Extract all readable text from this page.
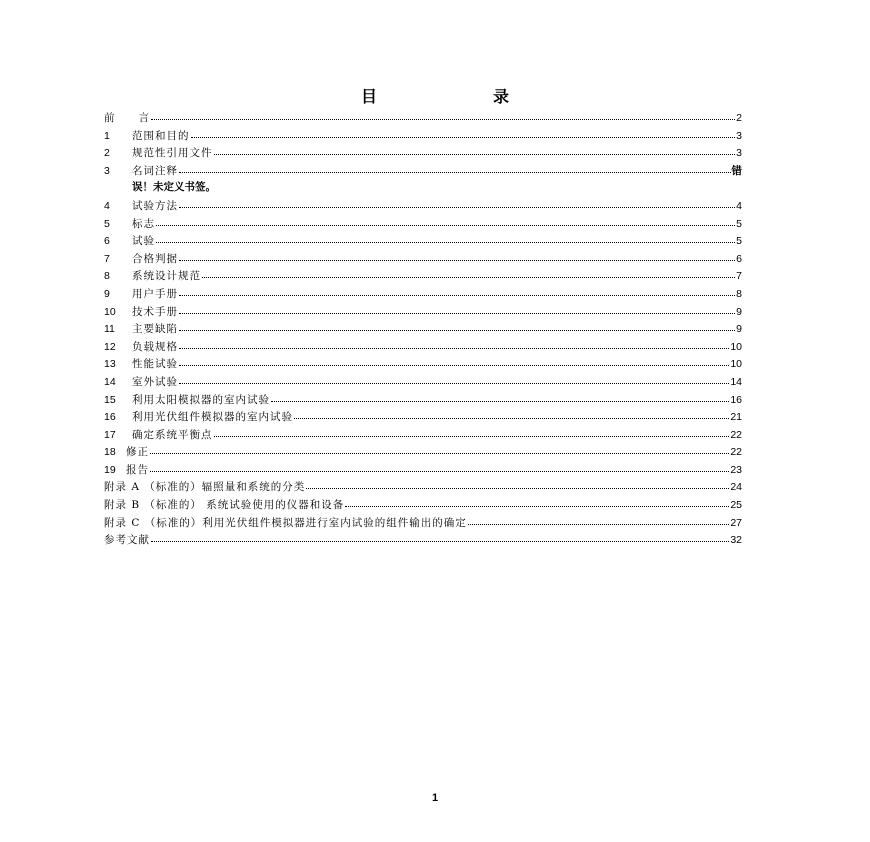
目　　录
前　　言	2
1	范围和目的	3
2	规范性引用文件	3
3	名词注释	错
误！未定义书签。
4	试验方法	4
5	标志	5
6	试验	5
7	合格判据	6
8	系统设计规范	7
9	用户手册	8
10	技术手册	9
11	主要缺陷	9
12	负载规格	10
13	性能试验	10
14	室外试验	14
15	利用太阳模拟器的室内试验	16
16	利用光伏组件模拟器的室内试验	21
17	确定系统平衡点	22
18 修正	22
19 报告	23
附录 A （标准的）辐照量和系统的分类	24
附录 B （标准的） 系统试验使用的仪器和设备	25
附录 C （标准的）利用光伏组件模拟器进行室内试验的组件输出的确定	27
参考文献	32
1
